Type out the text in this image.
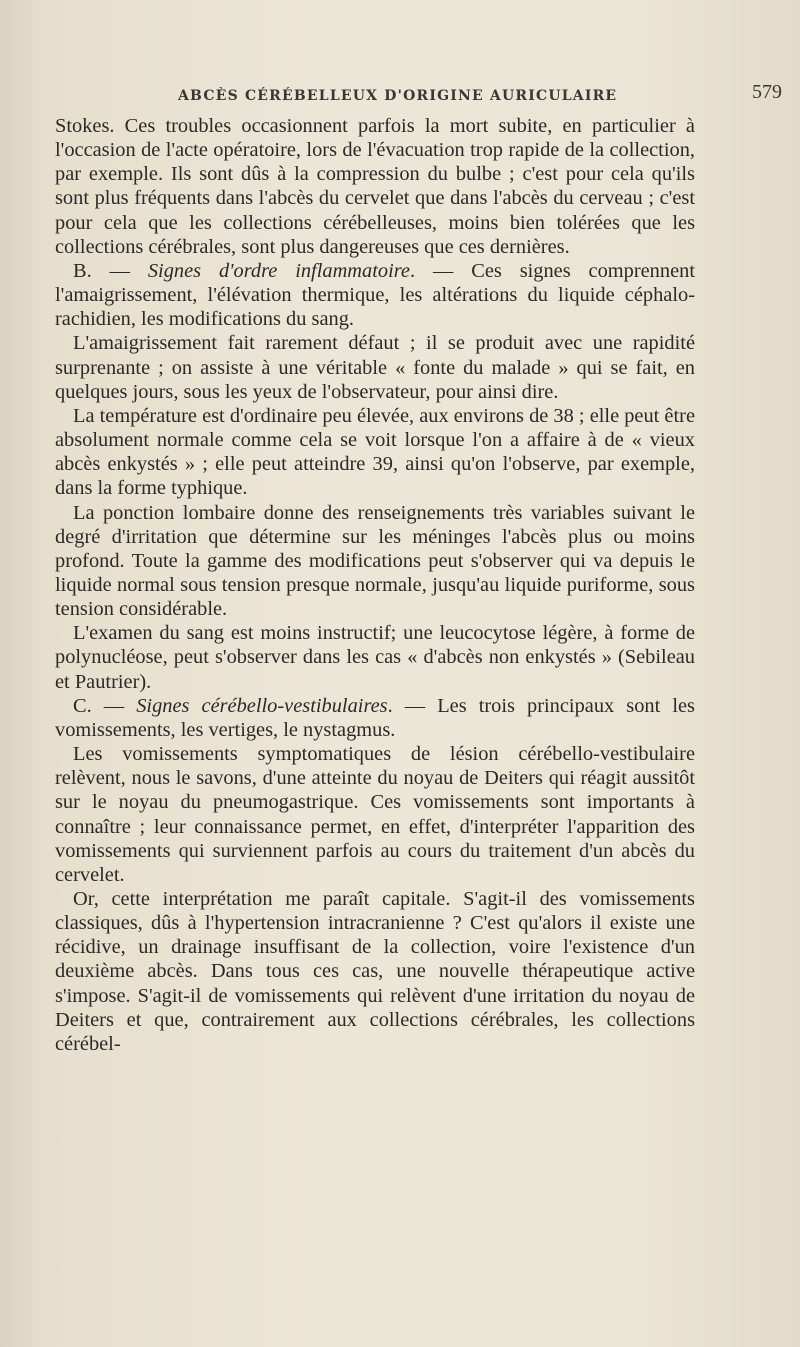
ABCÈS CÉRÉBELLEUX D'ORIGINE AURICULAIRE	579

Stokes. Ces troubles occasionnent parfois la mort subite, en particulier à l'occasion de l'acte opératoire, lors de l'évacuation trop rapide de la collection, par exemple. Ils sont dûs à la compression du bulbe ; c'est pour cela qu'ils sont plus fréquents dans l'abcès du cervelet que dans l'abcès du cerveau ; c'est pour cela que les collections cérébelleuses, moins bien tolérées que les collections cérébrales, sont plus dangereuses que ces dernières.

B. — Signes d'ordre inflammatoire. — Ces signes comprennent l'amaigrissement, l'élévation thermique, les altérations du liquide céphalo-rachidien, les modifications du sang.

L'amaigrissement fait rarement défaut ; il se produit avec une rapidité surprenante ; on assiste à une véritable « fonte du malade » qui se fait, en quelques jours, sous les yeux de l'observateur, pour ainsi dire.

La température est d'ordinaire peu élevée, aux environs de 38 ; elle peut être absolument normale comme cela se voit lorsque l'on a affaire à de « vieux abcès enkystés » ; elle peut atteindre 39, ainsi qu'on l'observe, par exemple, dans la forme typhique.

La ponction lombaire donne des renseignements très variables suivant le degré d'irritation que détermine sur les méninges l'abcès plus ou moins profond. Toute la gamme des modifications peut s'observer qui va depuis le liquide normal sous tension presque normale, jusqu'au liquide puriforme, sous tension considérable.

L'examen du sang est moins instructif; une leucocytose légère, à forme de polynucléose, peut s'observer dans les cas « d'abcès non enkystés » (Sebileau et Pautrier).

C. — Signes cérébello-vestibulaires. — Les trois principaux sont les vomissements, les vertiges, le nystagmus.

Les vomissements symptomatiques de lésion cérébello-vestibulaire relèvent, nous le savons, d'une atteinte du noyau de Deiters qui réagit aussitôt sur le noyau du pneumogastrique. Ces vomissements sont importants à connaître ; leur connaissance permet, en effet, d'interpréter l'apparition des vomissements qui surviennent parfois au cours du traitement d'un abcès du cervelet.

Or, cette interprétation me paraît capitale. S'agit-il des vomissements classiques, dûs à l'hypertension intracranienne ? C'est qu'alors il existe une récidive, un drainage insuffisant de la collection, voire l'existence d'un deuxième abcès. Dans tous ces cas, une nouvelle thérapeutique active s'impose. S'agit-il de vomissements qui relèvent d'une irritation du noyau de Deiters et que, contrairement aux collections cérébrales, les collections cérébel-
